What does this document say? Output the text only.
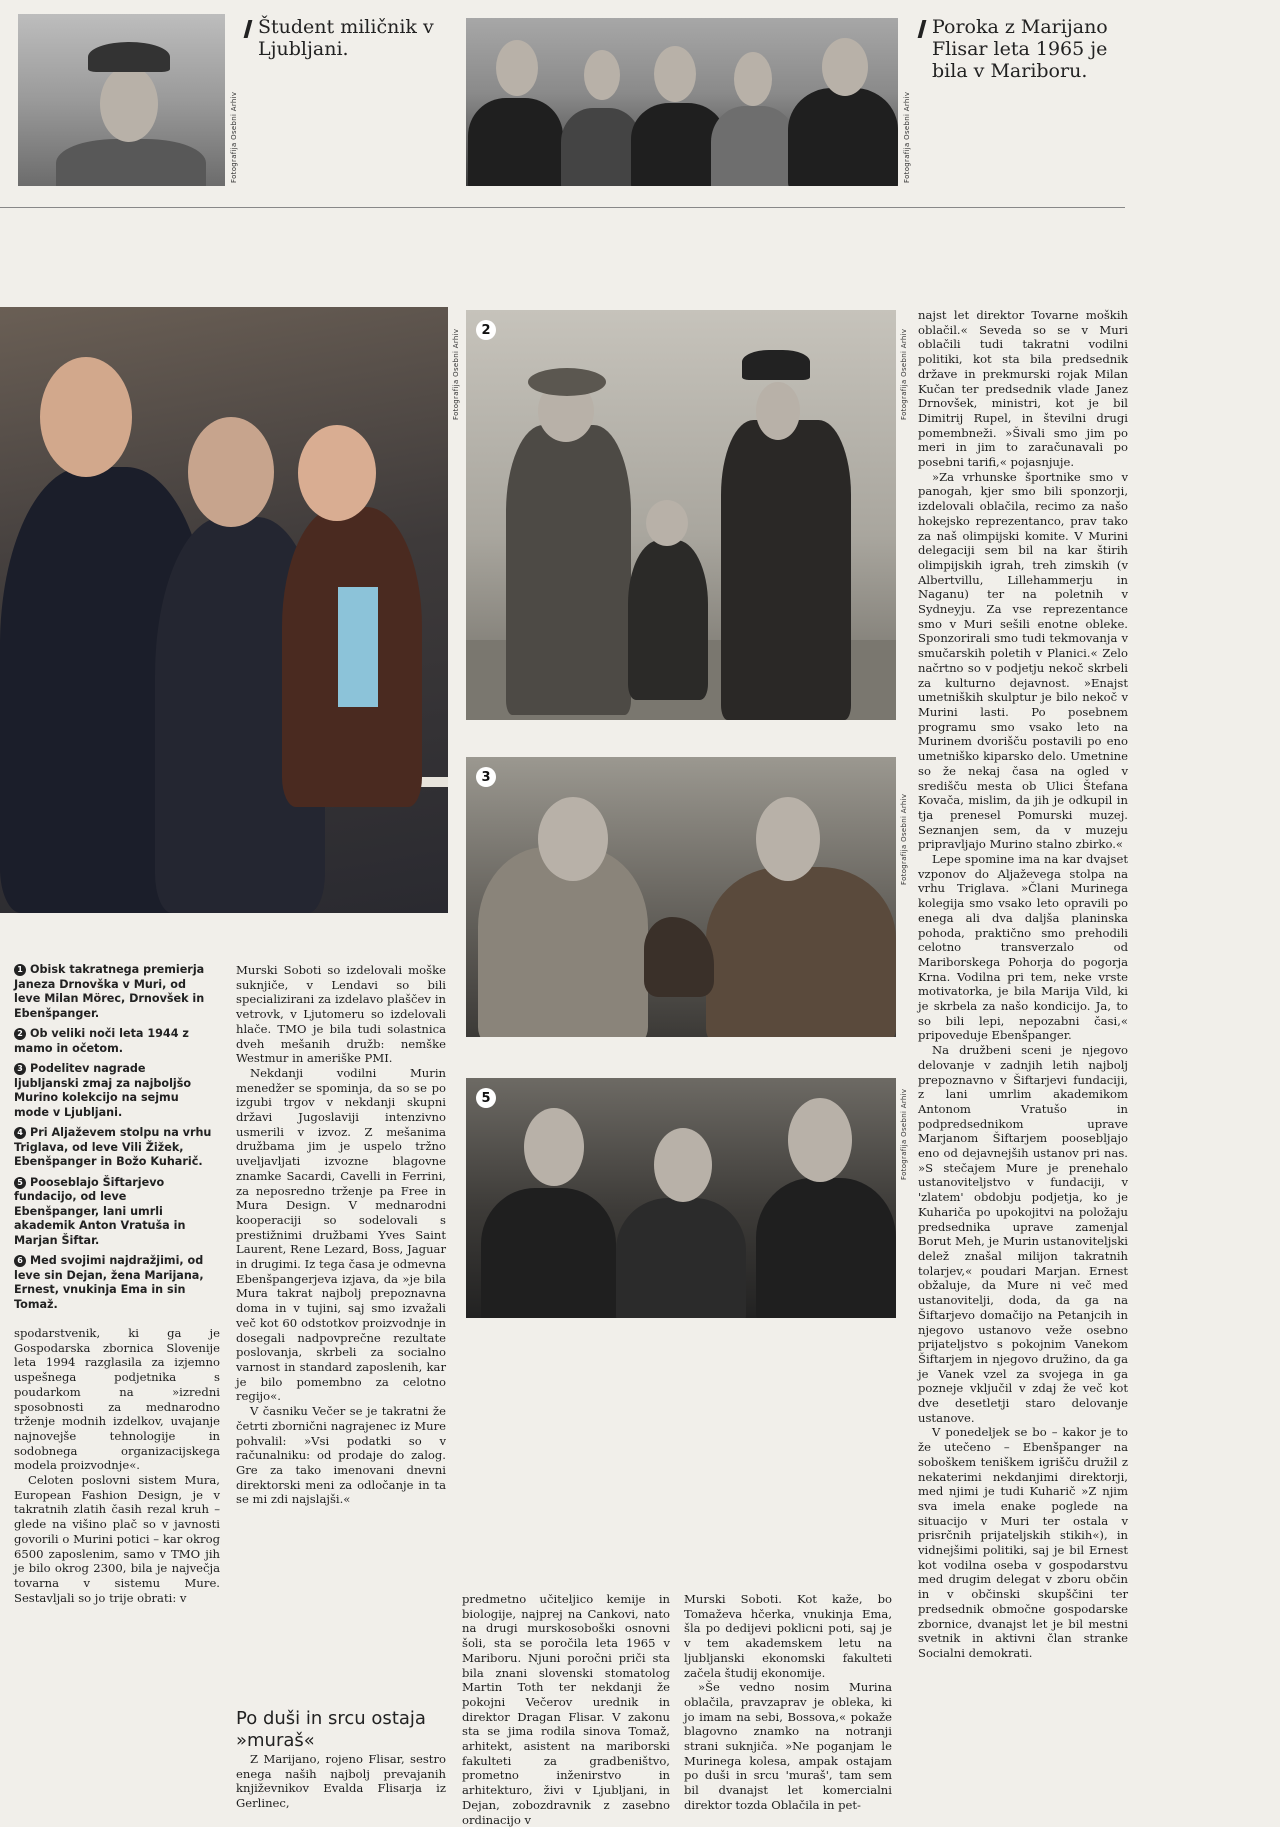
Fotografija Osebni Arhiv
Študent miličnik v Ljubljani.
Fotografija Osebni Arhiv
Poroka z Marijano Flisar leta 1965 je bila v Mariboru.
Fotografija Osebni Arhiv	2	Fotografija Osebni Arhiv
3
Fotografija Osebni Arhiv
5	Fotografija Osebni Arhiv
1 Obisk takratnega premierja Janeza Drnovška v Muri, od leve Milan Mörec, Drnovšek in Ebenšpanger.
2 Ob veliki noči leta 1944 z mamo in očetom.
3 Podelitev nagrade ljubljanski zmaj za najboljšo Murino kolekcijo na sejmu mode v Ljubljani.
4 Pri Aljaževem stolpu na vrhu Triglava, od leve Vili Žižek, Ebenšpanger in Božo Kuharič.
5 Pooseblajo Šiftarjevo fundacijo, od leve Ebenšpanger, lani umrli akademik Anton Vratuša in Marjan Šiftar.
6 Med svojimi najdražjimi, od leve sin Dejan, žena Marijana, Ernest, vnukinja Ema in sin Tomaž.

spodarstvenik, ki ga je Gospodarska zbornica Slovenije leta 1994 razglasila za izjemno uspešnega podjetnika s poudarkom na »izredni sposobnosti za mednarodno trženje modnih izdelkov, uvajanje najnovejše tehnologije in sodobnega organizacijskega modela proizvodnje«.

Celoten poslovni sistem Mura, European Fashion Design, je v takratnih zlatih časih rezal kruh – glede na višino plač so v javnosti govorili o Murini potici – kar okrog 6500 zaposlenim, samo v TMO jih je bilo okrog 2300, bila je največja tovarna v sistemu Mure. Sestavljali so jo trije obrati: v

Murski Soboti so izdelovali moške suknjiče, v Lendavi so bili specializirani za izdelavo plaščev in vetrovk, v Ljutomeru so izdelovali hlače. TMO je bila tudi solastnica dveh mešanih družb: nemške Westmur in ameriške PMI.

Nekdanji vodilni Murin menedžer se spominja, da so se po izgubi trgov v nekdanji skupni državi Jugoslaviji intenzivno usmerili v izvoz. Z mešanima družbama jim je uspelo tržno uveljavljati izvozne blagovne znamke Sacardi, Cavelli in Ferrini, za neposredno trženje pa Free in Mura Design. V mednarodni kooperaciji so sodelovali s prestižnimi družbami Yves Saint Laurent, Rene Lezard, Boss, Jaguar in drugimi. Iz tega časa je odmevna Ebenšpangerjeva izjava, da »je bila Mura takrat najbolj prepoznavna doma in v tujini, saj smo izvažali več kot 60 odstotkov proizvodnje in dosegali nadpovprečne rezultate poslovanja, skrbeli za socialno varnost in standard zaposlenih, kar je bilo pomembno za celotno regijo«.

V časniku Večer se je takratni že četrti zbornični nagrajenec iz Mure pohvalil: »Vsi podatki so v računalniku: od prodaje do zalog. Gre za tako imenovani dnevni direktorski meni za odločanje in ta se mi zdi najslajši.«

Po duši in srcu ostaja »muraš«

Z Marijano, rojeno Flisar, sestro enega naših najbolj prevajanih književnikov Evalda Flisarja iz Gerlinec,

predmetno učiteljico kemije in biologije, najprej na Cankovi, nato na drugi murskosoboški osnovni šoli, sta se poročila leta 1965 v Mariboru. Njuni poročni priči sta bila znani slovenski stomatolog Martin Toth ter nekdanji že pokojni Večerov urednik in direktor Dragan Flisar. V zakonu sta se jima rodila sinova Tomaž, arhitekt, asistent na mariborski fakulteti za gradbeništvo, prometno inženirstvo in arhitekturo, živi v Ljubljani, in Dejan, zobozdravnik z zasebno ordinacijo v

Murski Soboti. Kot kaže, bo Tomaževa hčerka, vnukinja Ema, šla po dedijevi poklicni poti, saj je v tem akademskem letu na ljubljanski ekonomski fakulteti začela študij ekonomije.

»Še vedno nosim Murina oblačila, pravzaprav je obleka, ki jo imam na sebi, Bossova,« pokaže blagovno znamko na notranji strani suknjiča. »Ne poganjam le Murinega kolesa, ampak ostajam po duši in srcu 'muraš', tam sem bil dvanajst let komercialni direktor tozda Oblačila in pet-

najst let direktor Tovarne moških oblačil.« Seveda so se v Muri oblačili tudi takratni vodilni politiki, kot sta bila predsednik države in prekmurski rojak Milan Kučan ter predsednik vlade Janez Drnovšek, ministri, kot je bil Dimitrij Rupel, in številni drugi pomembneži. »Šivali smo jim po meri in jim to zaračunavali po posebni tarifi,« pojasnjuje.

»Za vrhunske športnike smo v panogah, kjer smo bili sponzorji, izdelovali oblačila, recimo za našo hokejsko reprezentanco, prav tako za naš olimpijski komite. V Murini delegaciji sem bil na kar štirih olimpijskih igrah, treh zimskih (v Albertvillu, Lillehammerju in Naganu) ter na poletnih v Sydneyju. Za vse reprezentance smo v Muri sešili enotne obleke. Sponzorirali smo tudi tekmovanja v smučarskih poletih v Planici.« Zelo načrtno so v podjetju nekoč skrbeli za kulturno dejavnost. »Enajst umetniških skulptur je bilo nekoč v Murini lasti. Po posebnem programu smo vsako leto na Murinem dvorišču postavili po eno umetniško kiparsko delo. Umetnine so že nekaj časa na ogled v središču mesta ob Ulici Štefana Kovača, mislim, da jih je odkupil in tja prenesel Pomurski muzej. Seznanjen sem, da v muzeju pripravljajo Murino stalno zbirko.«

Lepe spomine ima na kar dvajset vzponov do Aljaževega stolpa na vrhu Triglava. »Člani Murinega kolegija smo vsako leto opravili po enega ali dva daljša planinska pohoda, praktično smo prehodili celotno transverzalo od Mariborskega Pohorja do pogorja Krna. Vodilna pri tem, neke vrste motivatorka, je bila Marija Vild, ki je skrbela za našo kondicijo. Ja, to so bili lepi, nepozabni časi,« pripoveduje Ebenšpanger.

Na družbeni sceni je njegovo delovanje v zadnjih letih najbolj prepoznavno v Šiftarjevi fundaciji, z lani umrlim akademikom Antonom Vratušo in podpredsednikom uprave Marjanom Šiftarjem poosebljajo eno od dejavnejših ustanov pri nas. »S stečajem Mure je prenehalo ustanoviteljstvo v fundaciji, v 'zlatem' obdobju podjetja, ko je Kuhariča po upokojitvi na položaju predsednika uprave zamenjal Borut Meh, je Murin ustanoviteljski delež znašal milijon takratnih tolarjev,« poudari Marjan. Ernest obžaluje, da Mure ni več med ustanovitelji, doda, da ga na Šiftarjevo domačijo na Petanjcih in njegovo ustanovo veže osebno prijateljstvo s pokojnim Vanekom Šiftarjem in njegovo družino, da ga je Vanek vzel za svojega in ga pozneje vključil v zdaj že več kot dve desetletji staro delovanje ustanove.

V ponedeljek se bo – kakor je to že utečeno – Ebenšpanger na soboškem teniškem igrišču družil z nekaterimi nekdanjimi direktorji, med njimi je tudi Kuharič »Z njim sva imela enake poglede na situacijo v Muri ter ostala v prisrčnih prijateljskih stikih«), in vidnejšimi politiki, saj je bil Ernest kot vodilna oseba v gospodarstvu med drugim delegat v zboru občin in v občinski skupščini ter predsednik območne gospodarske zbornice, dvanajst let je bil mestni svetnik in aktivni član stranke Socialni demokrati.
